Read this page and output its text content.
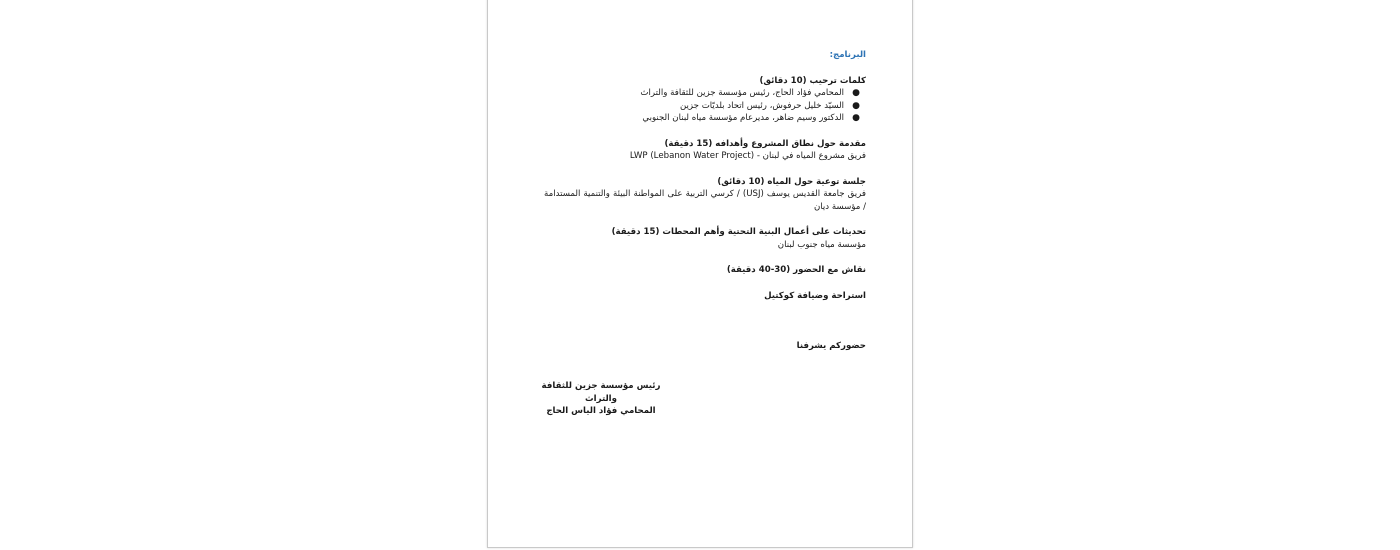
البرنامج:

كلمات ترحيب (10 دقائق)

●
المحامي فؤاد الحاج، رئيس مؤسسة جزين للثقافة والتراث
●
السيّد خليل حرفوش، رئيس اتحاد بلديّات جزين
●
الدكتور وسيم ضاهر، مديرعام مؤسسة مياه لبنان الجنوبي

مقدمة حول نطاق المشروع وأهدافه (15 دقيقة)

فريق مشروع المياه في لبنان - LWP (Lebanon Water Project)

جلسة توعية حول المياه (10 دقائق)

فريق جامعة القديس يوسف (USJ) / كرسي التربية على المواطنة البيئة والتنمية المستدامة / مؤسسة ديان

تحديثات على أعمال البنية التحتية وأهم المحطات (15 دقيقة)

مؤسسة مياه جنوب لبنان

نقاش مع الحضور (30-40 دقيقة)

استراحة وضيافة كوكتيل

حضوركم يشرفنا

رئيس مؤسسة جزين للثقافة والتراث
المحامي فؤاد الياس الحاج
